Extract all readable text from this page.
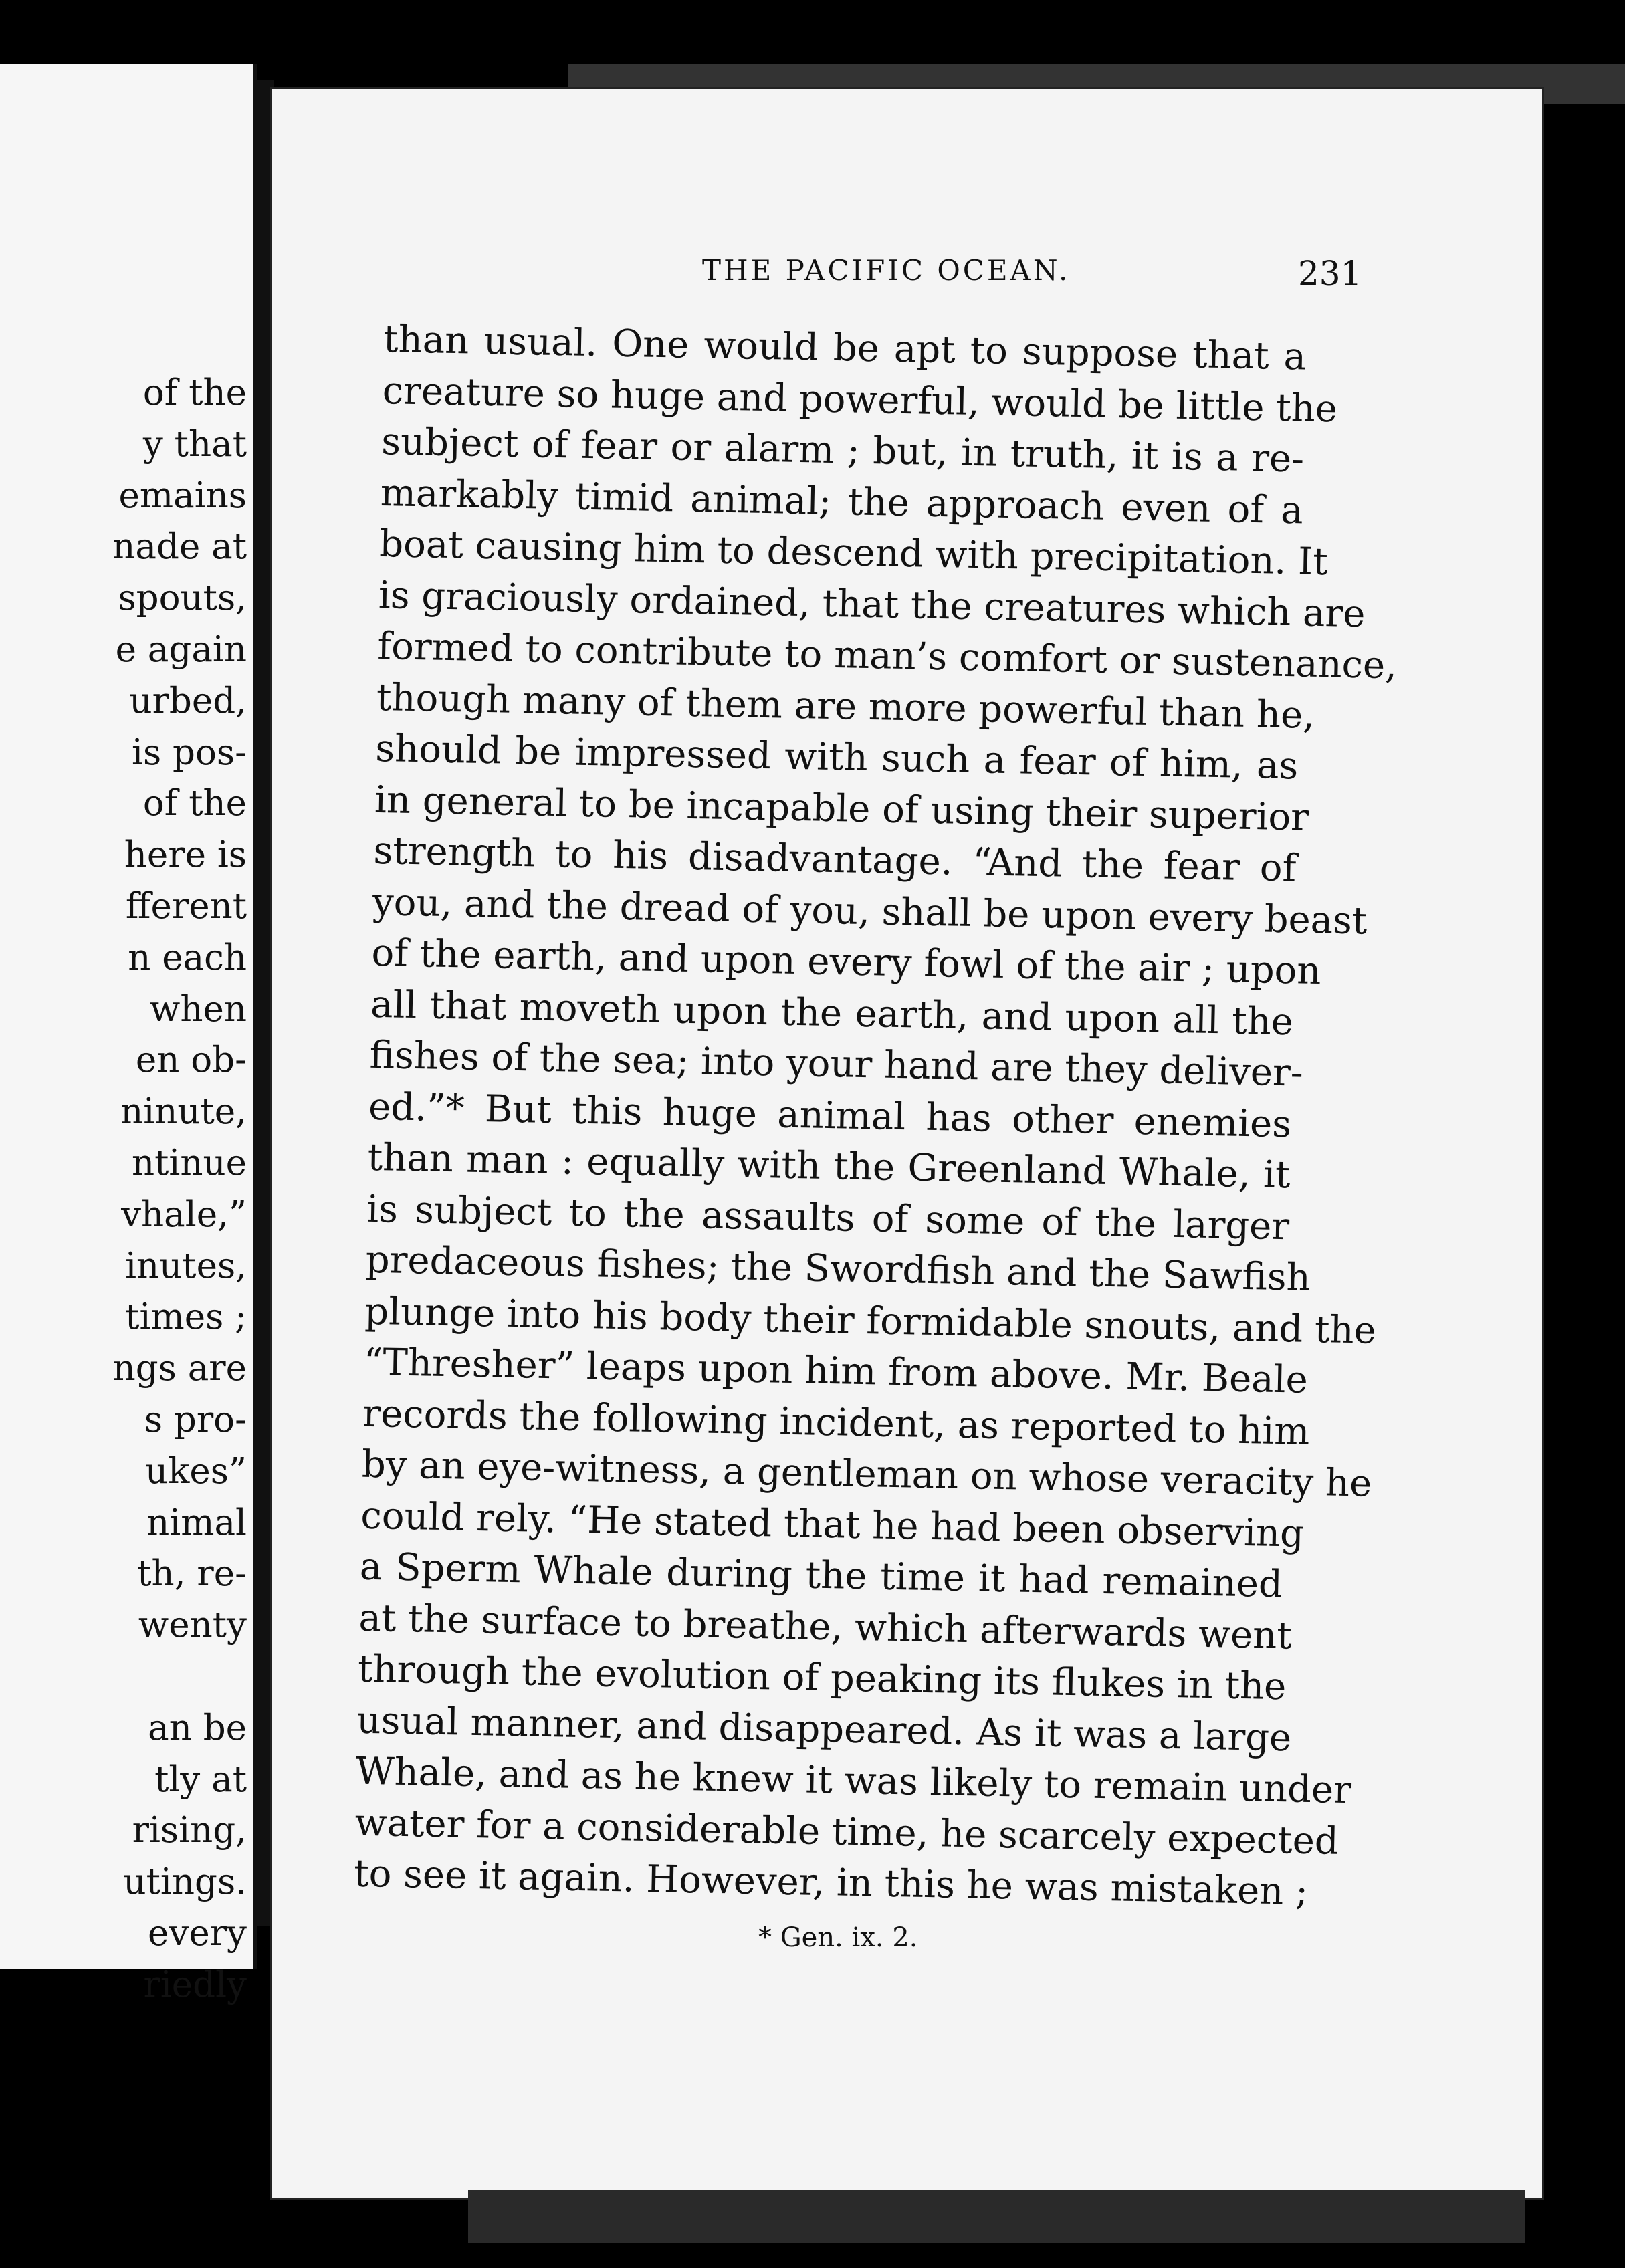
of the
y that
emains
nade at
spouts,
e again
urbed,
is pos-
of the
here is
fferent
n each
when
en ob-
ninute,
ntinue
vhale,”
inutes,
times ;
ngs are
s pro-
ukes”
nimal
th, re-
wenty

an be
tly at
rising,
utings.
every
riedly
THE PACIFIC OCEAN.	231
than usual. One would be apt to suppose that a
creature so huge and powerful, would be little the
subject of fear or alarm ; but, in truth, it is a re-
markably timid animal; the approach even of a
boat causing him to descend with precipitation. It
is graciously ordained, that the creatures which are
formed to contribute to man’s comfort or sustenance,
though many of them are more powerful than he,
should be impressed with such a fear of him, as
in general to be incapable of using their superior
strength to his disadvantage. “And the fear of
you, and the dread of you, shall be upon every beast
of the earth, and upon every fowl of the air ; upon
all that moveth upon the earth, and upon all the
fishes of the sea; into your hand are they deliver-
ed.”* But this huge animal has other enemies
than man : equally with the Greenland Whale, it
is subject to the assaults of some of the larger
predaceous fishes; the Swordfish and the Sawfish
plunge into his body their formidable snouts, and the
“Thresher” leaps upon him from above. Mr. Beale
records the following incident, as reported to him
by an eye-witness, a gentleman on whose veracity he
could rely. “He stated that he had been observing
a Sperm Whale during the time it had remained
at the surface to breathe, which afterwards went
through the evolution of peaking its flukes in the
usual manner, and disappeared. As it was a large
Whale, and as he knew it was likely to remain under
water for a considerable time, he scarcely expected
to see it again. However, in this he was mistaken ;
* Gen. ix. 2.
